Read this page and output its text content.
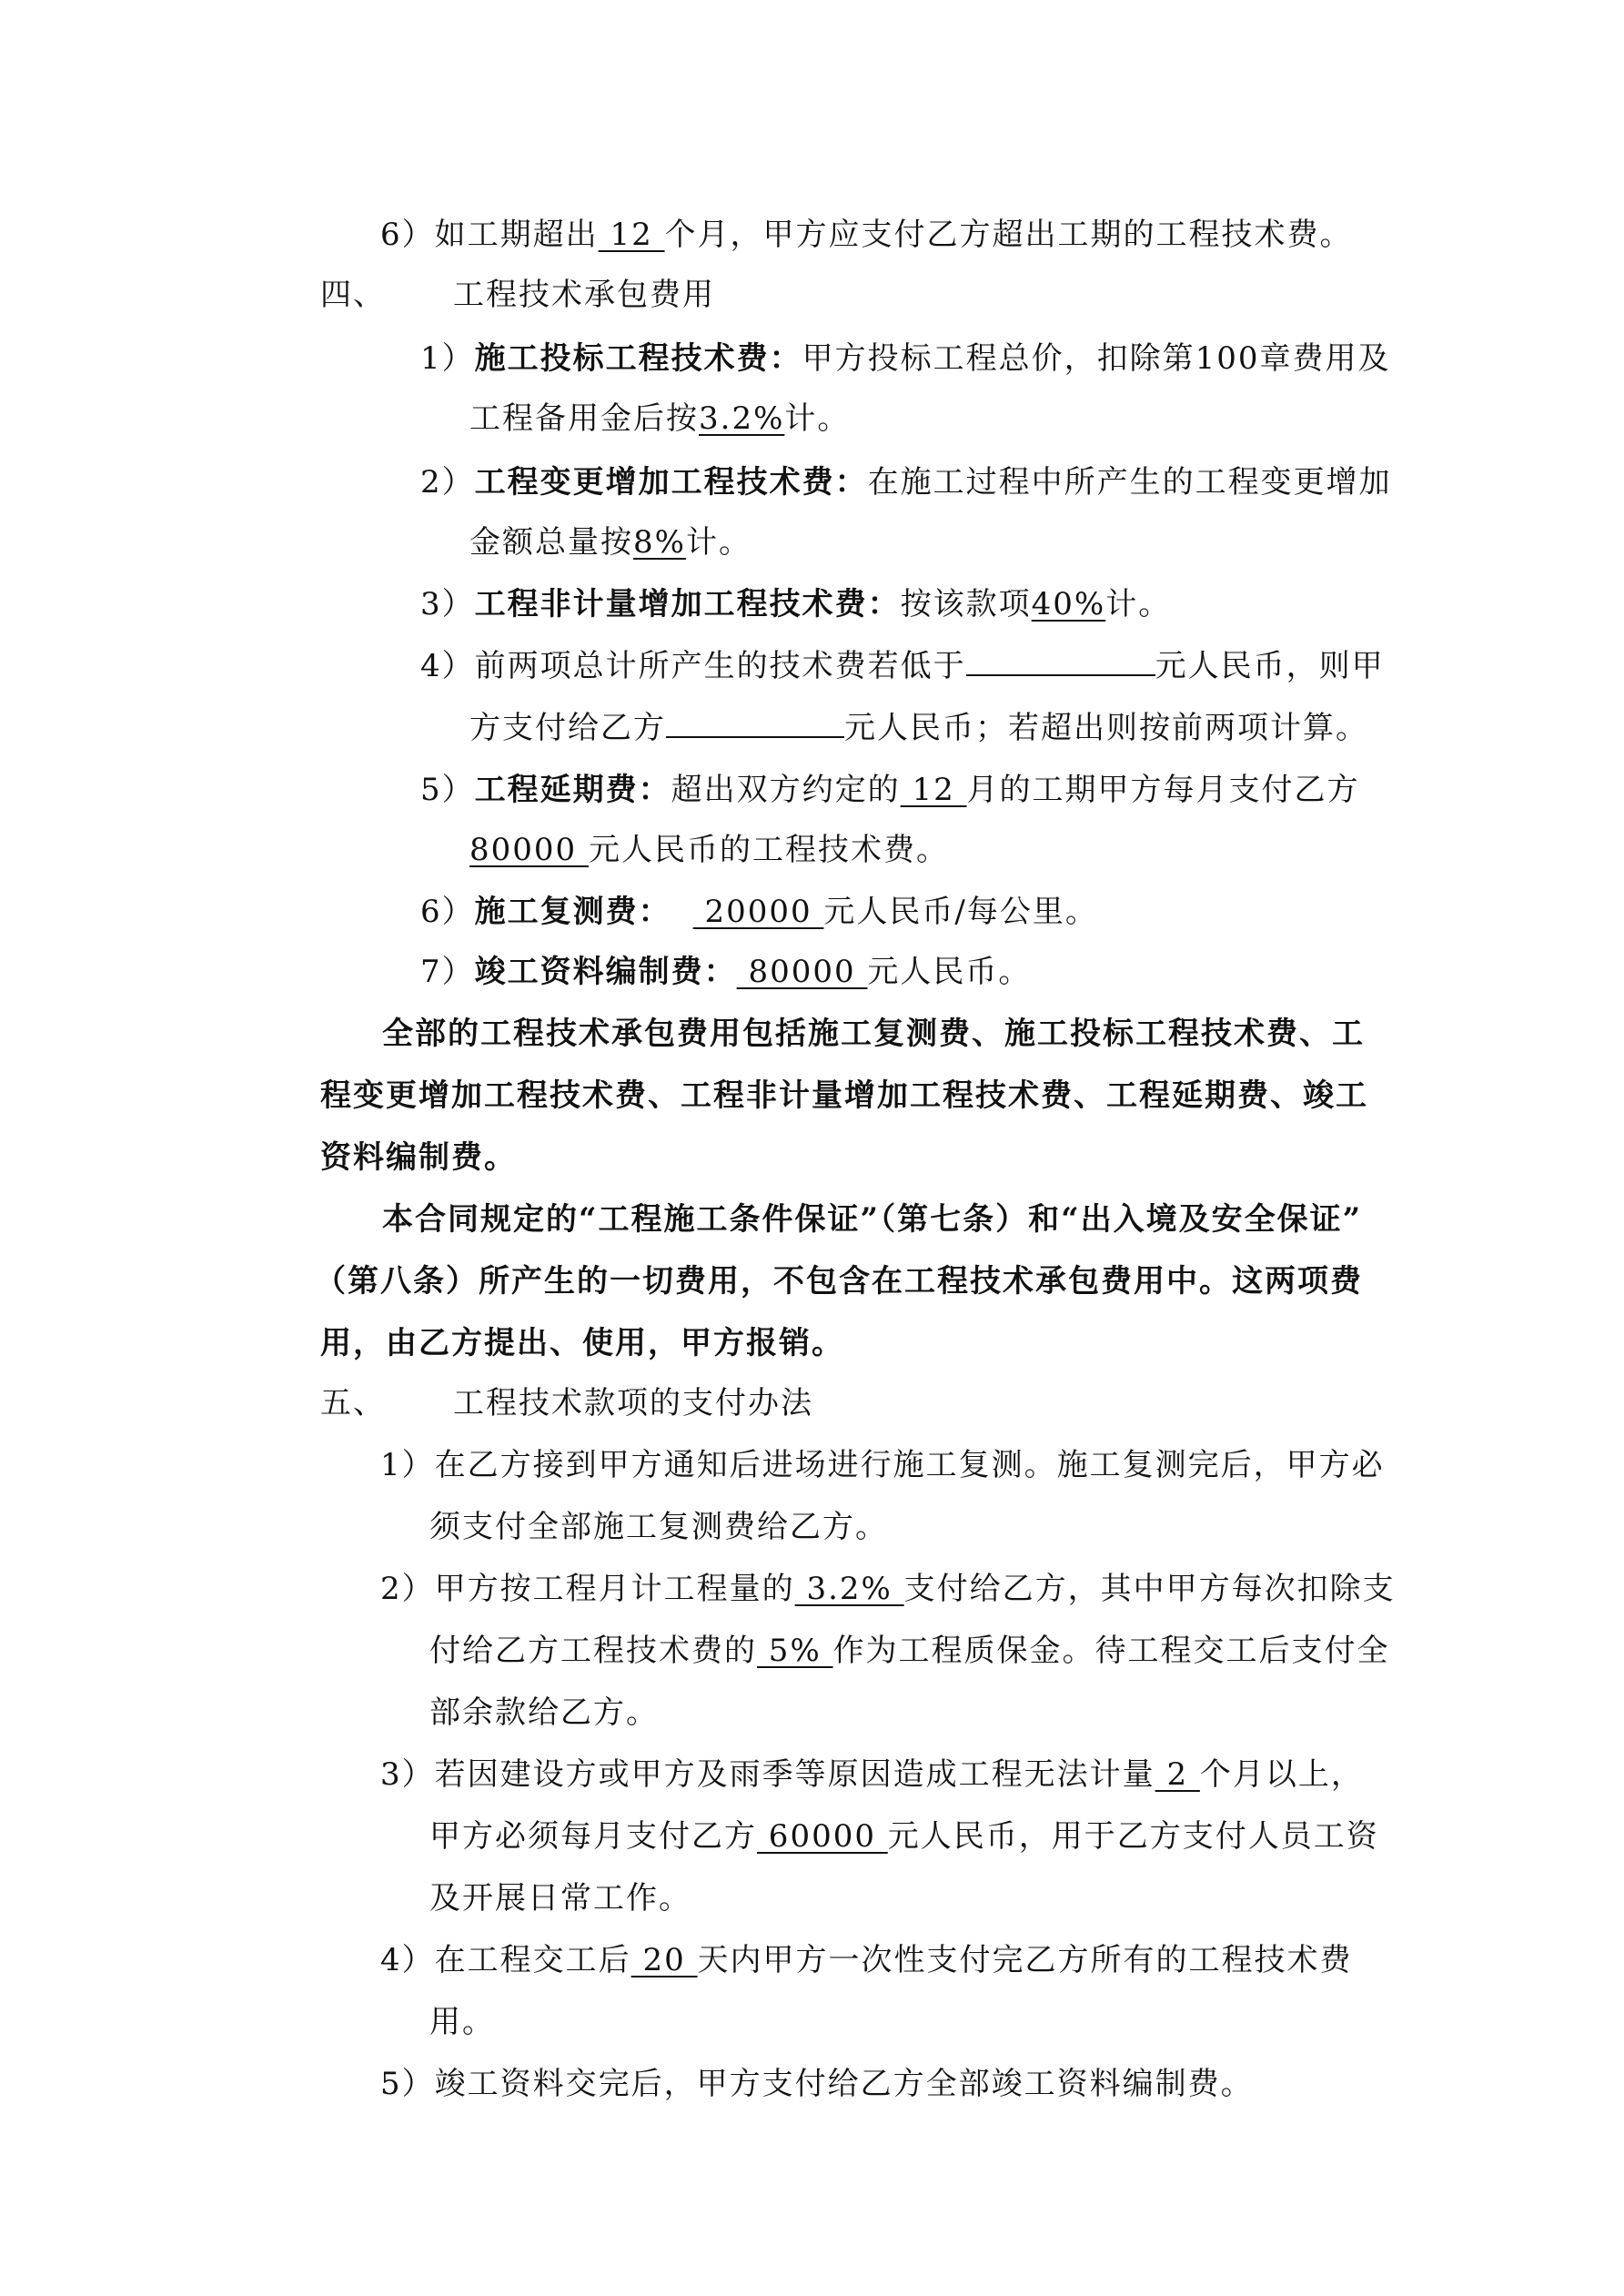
6）如工期超出 12 个月，甲方应支付乙方超出工期的工程技术费。
四、 工程技术承包费用
1）施工投标工程技术费：甲方投标工程总价，扣除第100章费用及
工程备用金后按3.2%计。
2）工程变更增加工程技术费：在施工过程中所产生的工程变更增加
金额总量按8%计。
3）工程非计量增加工程技术费：按该款项40%计。
4）前两项总计所产生的技术费若低于	元人民币，则甲
方支付给乙方	元人民币；若超出则按前两项计算。
5）工程延期费：超出双方约定的 12 月的工期甲方每月支付乙方
80000 元人民币的工程技术费。
6）施工复测费： 20000 元人民币/每公里。
7）竣工资料编制费： 80000 元人民币。
全部的工程技术承包费用包括施工复测费、施工投标工程技术费、工
程变更增加工程技术费、工程非计量增加工程技术费、工程延期费、竣工
资料编制费。
本合同规定的“工程施工条件保证”（第七条）和“出入境及安全保证”
（第八条）所产生的一切费用，不包含在工程技术承包费用中。这两项费
用，由乙方提出、使用，甲方报销。
五、 工程技术款项的支付办法
1）在乙方接到甲方通知后进场进行施工复测。施工复测完后，甲方必
须支付全部施工复测费给乙方。
2）甲方按工程月计工程量的 3.2% 支付给乙方，其中甲方每次扣除支
付给乙方工程技术费的 5% 作为工程质保金。待工程交工后支付全
部余款给乙方。
3）若因建设方或甲方及雨季等原因造成工程无法计量 2 个月以上，
甲方必须每月支付乙方 60000 元人民币，用于乙方支付人员工资
及开展日常工作。
4）在工程交工后 20 天内甲方一次性支付完乙方所有的工程技术费
用。
5）竣工资料交完后，甲方支付给乙方全部竣工资料编制费。
